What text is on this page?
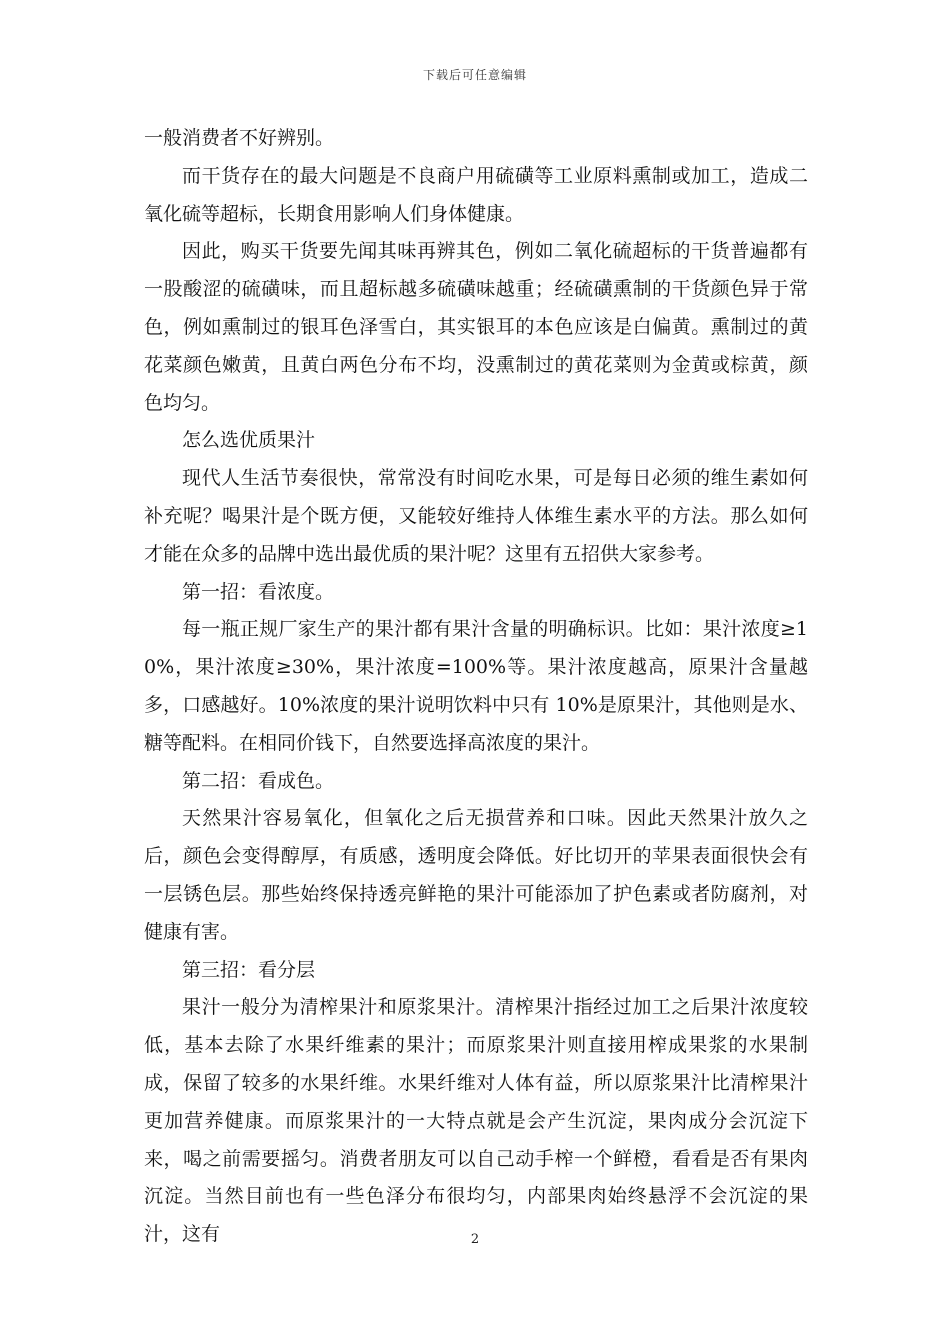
下载后可任意编辑

一般消费者不好辨别。

而干货存在的最大问题是不良商户用硫磺等工业原料熏制或加工，造成二氧化硫等超标，长期食用影响人们身体健康。

因此，购买干货要先闻其味再辨其色，例如二氧化硫超标的干货普遍都有一股酸涩的硫磺味，而且超标越多硫磺味越重；经硫磺熏制的干货颜色异于常色，例如熏制过的银耳色泽雪白，其实银耳的本色应该是白偏黄。熏制过的黄花菜颜色嫩黄，且黄白两色分布不均，没熏制过的黄花菜则为金黄或棕黄，颜色均匀。

怎么选优质果汁

现代人生活节奏很快，常常没有时间吃水果，可是每日必须的维生素如何补充呢？喝果汁是个既方便，又能较好维持人体维生素水平的方法。那么如何才能在众多的品牌中选出最优质的果汁呢？这里有五招供大家参考。

第一招：看浓度。

每一瓶正规厂家生产的果汁都有果汁含量的明确标识。比如：果汁浓度≥10%，果汁浓度≥30%，果汁浓度=100%等。果汁浓度越高，原果汁含量越多，口感越好。10%浓度的果汁说明饮料中只有 10%是原果汁，其他则是水、糖等配料。在相同价钱下，自然要选择高浓度的果汁。

第二招：看成色。

天然果汁容易氧化，但氧化之后无损营养和口味。因此天然果汁放久之后，颜色会变得醇厚，有质感，透明度会降低。好比切开的苹果表面很快会有一层锈色层。那些始终保持透亮鲜艳的果汁可能添加了护色素或者防腐剂，对健康有害。

第三招：看分层

果汁一般分为清榨果汁和原浆果汁。清榨果汁指经过加工之后果汁浓度较低，基本去除了水果纤维素的果汁；而原浆果汁则直接用榨成果浆的水果制成，保留了较多的水果纤维。水果纤维对人体有益，所以原浆果汁比清榨果汁更加营养健康。而原浆果汁的一大特点就是会产生沉淀，果肉成分会沉淀下来，喝之前需要摇匀。消费者朋友可以自己动手榨一个鲜橙，看看是否有果肉沉淀。当然目前也有一些色泽分布很均匀，内部果肉始终悬浮不会沉淀的果汁，这有	2
